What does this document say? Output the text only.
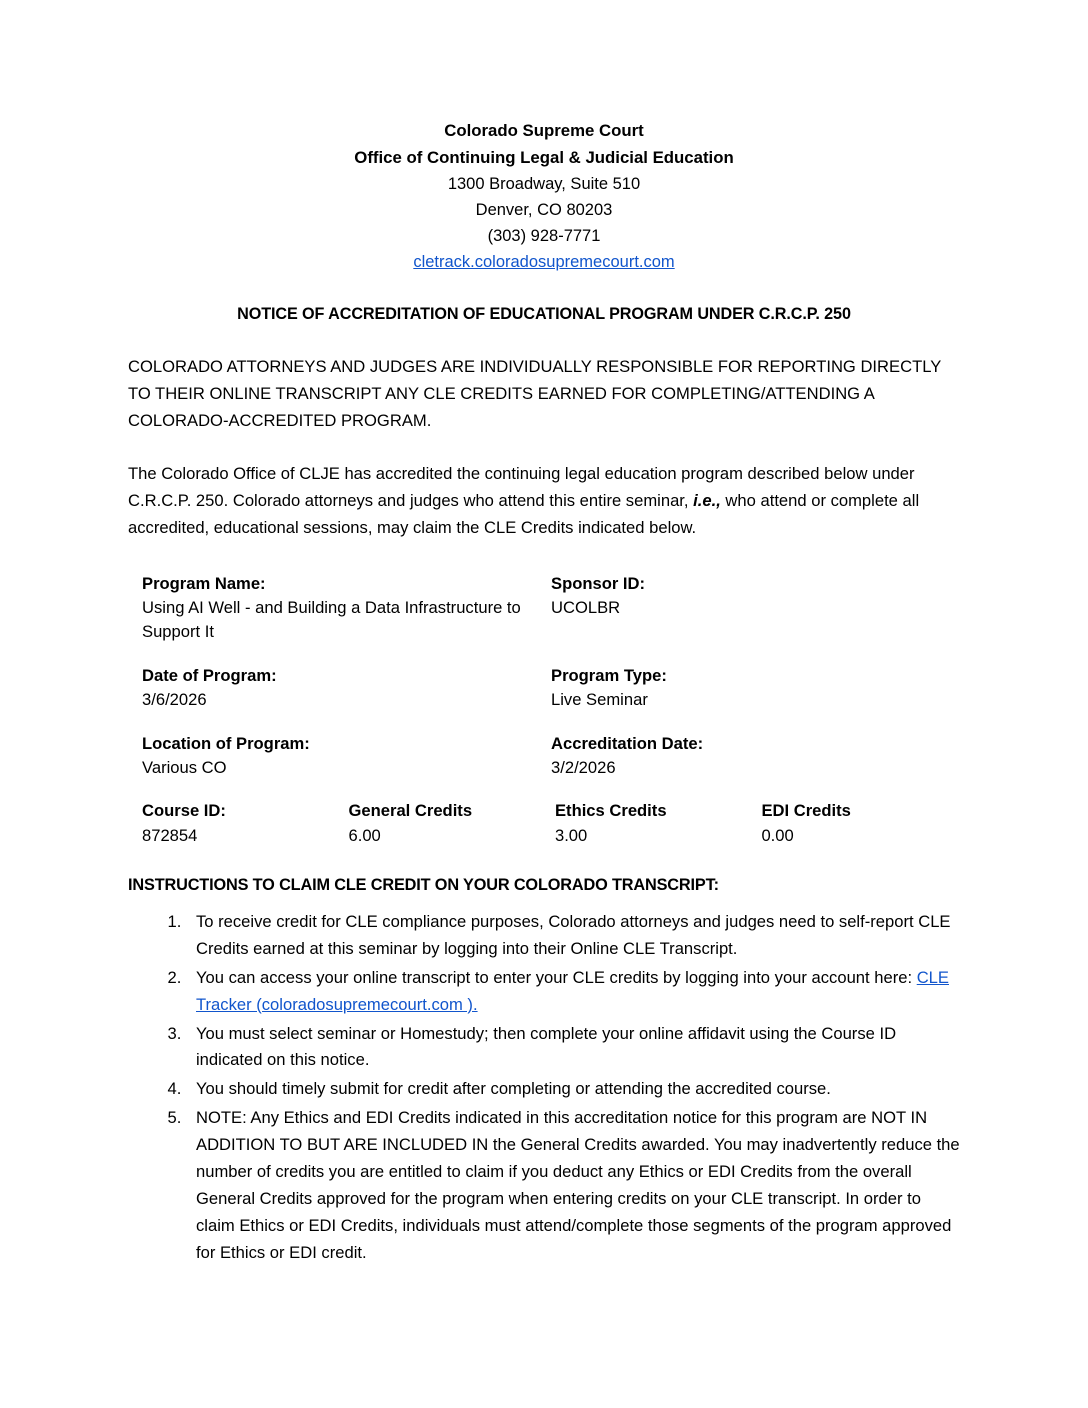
Colorado Supreme Court
Office of Continuing Legal & Judicial Education
1300 Broadway, Suite 510
Denver, CO 80203
(303) 928-7771
cletrack.coloradosupremecourt.com
NOTICE OF ACCREDITATION OF EDUCATIONAL PROGRAM UNDER C.R.C.P. 250
COLORADO ATTORNEYS AND JUDGES ARE INDIVIDUALLY RESPONSIBLE FOR REPORTING DIRECTLY TO THEIR ONLINE TRANSCRIPT ANY CLE CREDITS EARNED FOR COMPLETING/ATTENDING A COLORADO-ACCREDITED PROGRAM.
The Colorado Office of CLJE has accredited the continuing legal education program described below under C.R.C.P. 250. Colorado attorneys and judges who attend this entire seminar, i.e., who attend or complete all accredited, educational sessions, may claim the CLE Credits indicated below.
Program Name:
Using AI Well - and Building a Data Infrastructure to Support It
Sponsor ID:
UCOLBR
Date of Program:
3/6/2026
Program Type:
Live Seminar
Location of Program:
Various CO
Accreditation Date:
3/2/2026
Course ID:
872854
General Credits
6.00
Ethics Credits
3.00
EDI Credits
0.00
INSTRUCTIONS TO CLAIM CLE CREDIT ON YOUR COLORADO TRANSCRIPT:
1. To receive credit for CLE compliance purposes, Colorado attorneys and judges need to self-report CLE Credits earned at this seminar by logging into their Online CLE Transcript.
2. You can access your online transcript to enter your CLE credits by logging into your account here: CLE Tracker (coloradosupremecourt.com ).
3. You must select seminar or Homestudy; then complete your online affidavit using the Course ID indicated on this notice.
4. You should timely submit for credit after completing or attending the accredited course.
5. NOTE: Any Ethics and EDI Credits indicated in this accreditation notice for this program are NOT IN ADDITION TO BUT ARE INCLUDED IN the General Credits awarded. You may inadvertently reduce the number of credits you are entitled to claim if you deduct any Ethics or EDI Credits from the overall General Credits approved for the program when entering credits on your CLE transcript. In order to claim Ethics or EDI Credits, individuals must attend/complete those segments of the program approved for Ethics or EDI credit.
